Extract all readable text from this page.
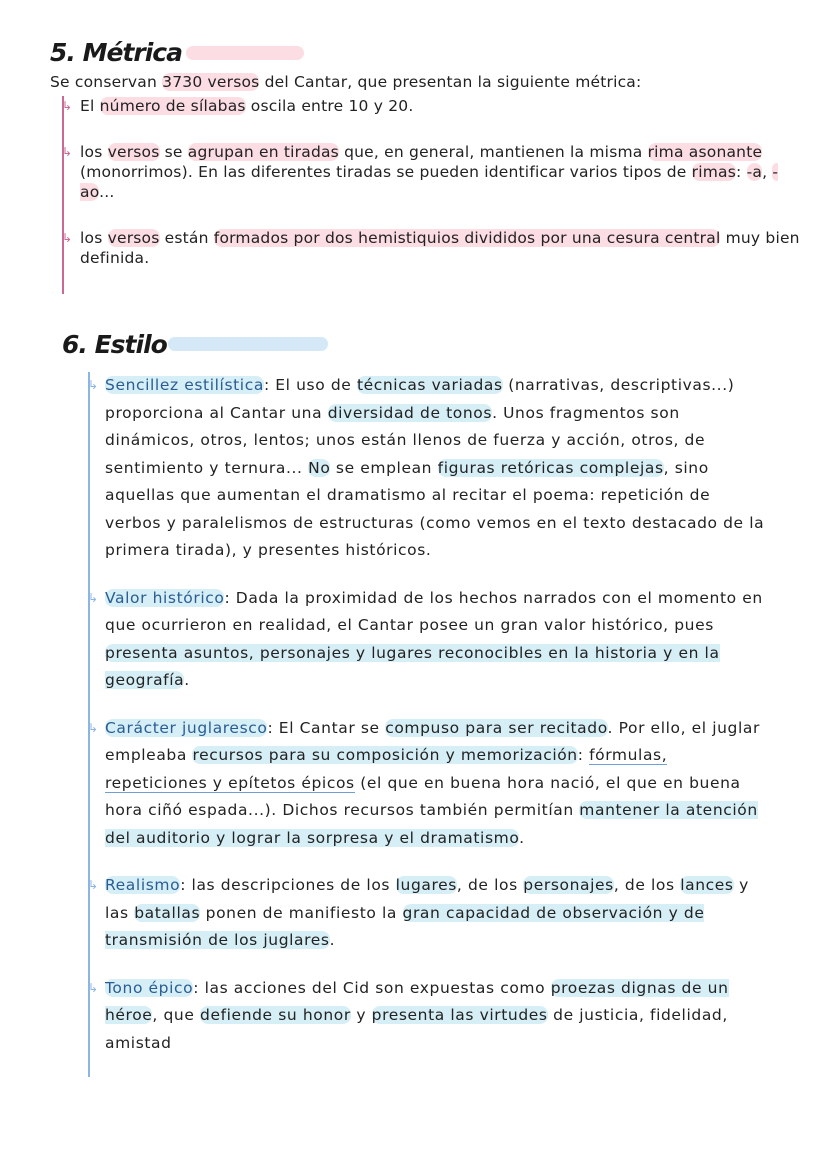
5. Métrica
Se conservan 3730 versos del Cantar, que presentan la siguiente métrica:
↳ El número de sílabas oscila entre 10 y 20.
↳ los versos se agrupan en tiradas que, en general, mantienen la misma rima asonante (monorrimos). En las diferentes tiradas se pueden identificar varios tipos de rimas: -a, -ao...
↳ los versos están formados por dos hemistiquios divididos por una cesura central muy bien definida.
6. Estilo
↳ Sencillez estilística: El uso de técnicas variadas (narrativas, descriptivas...) proporciona al Cantar una diversidad de tonos. Unos fragmentos son dinámicos, otros, lentos; unos están llenos de fuerza y acción, otros, de sentimiento y ternura... No se emplean figuras retóricas complejas, sino aquellas que aumentan el dramatismo al recitar el poema: repetición de verbos y paralelismos de estructuras (como vemos en el texto destacado de la primera tirada), y presentes históricos.
↳ Valor histórico: Dada la proximidad de los hechos narrados con el momento en que ocurrieron en realidad, el Cantar posee un gran valor histórico, pues presenta asuntos, personajes y lugares reconocibles en la historia y en la geografía.
↳ Carácter juglaresco: El Cantar se compuso para ser recitado. Por ello, el juglar empleaba recursos para su composición y memorización: fórmulas, repeticiones y epítetos épicos (el que en buena hora nació, el que en buena hora ciñó espada...). Dichos recursos también permitían mantener la atención del auditorio y lograr la sorpresa y el dramatismo.
↳ Realismo: las descripciones de los lugares, de los personajes, de los lances y las batallas ponen de manifiesto la gran capacidad de observación y de transmisión de los juglares.
↳ Tono épico: las acciones del Cid son expuestas como proezas dignas de un héroe, que defiende su honor y presenta las virtudes de justicia, fidelidad, amistad
